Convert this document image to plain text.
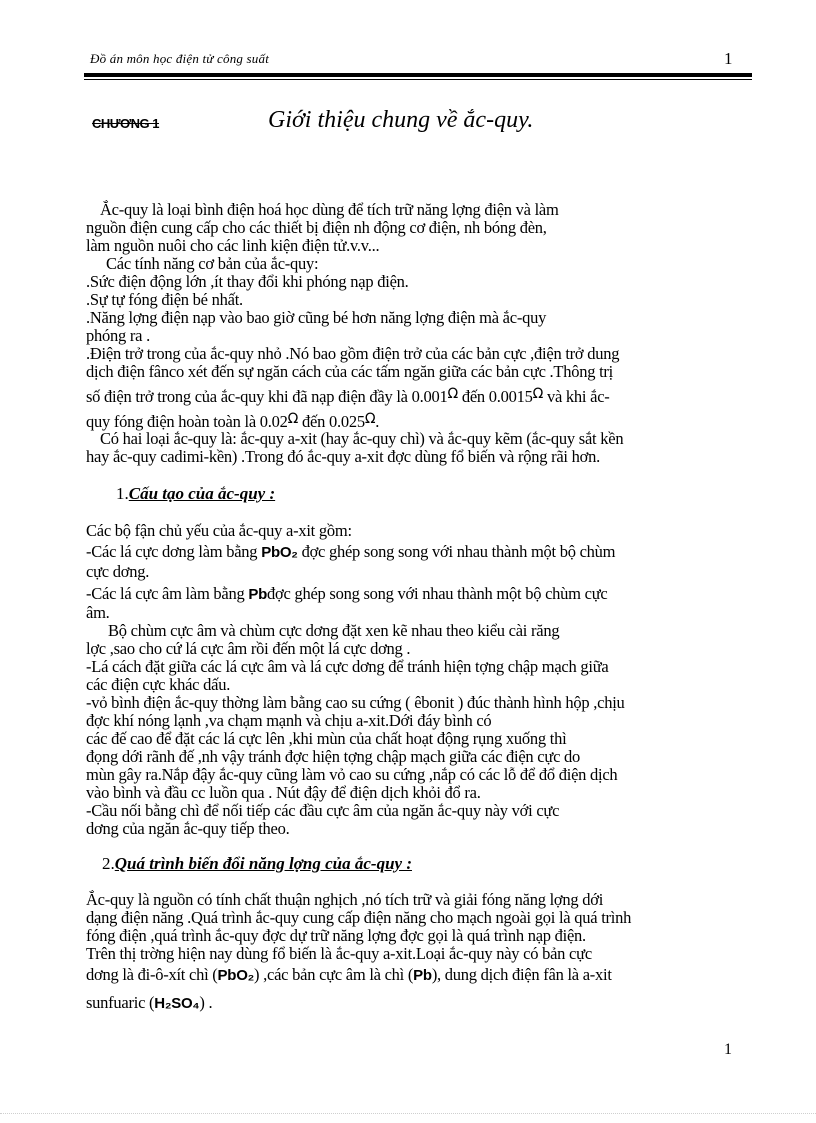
Đồ án môn học điện tử công suất	1
CHƯƠNG 1	Giới thiệu chung về ắc-quy.
Ắc-quy là loại bình điện hoá học dùng để tích trữ năng lợng điện và làm
nguồn điện cung cấp cho các thiết bị điện nh động cơ điện, nh bóng đèn,
làm nguồn nuôi cho các linh kiện điện tử.v.v...
Các tính năng cơ bản của ắc-quy:
.Sức điện động lớn ,ít thay đổi khi phóng nạp điện.
.Sự tự fóng điện bé nhất.
.Năng lợng điện nạp vào bao giờ cũng bé hơn năng lợng điện mà ắc-quy
phóng ra .
.Điện trở trong của ắc-quy nhỏ .Nó bao gồm điện trở của các bản cực ,điện trở dung
dịch điện fânco xét đến sự ngăn cách của các tấm ngăn giữa các bản cực .Thông trị
số điện trở trong của ắc-quy khi đã nạp điện đầy là $0.001^\Omega$ đến $0.0015^\Omega$ và khi ắc-
quy fóng điện hoàn toàn là $0.02^\Omega$ đến $0.025^\Omega$.
Có hai loại ắc-quy là: ắc-quy a-xit (hay ắc-quy chì) và ắc-quy kẽm (ắc-quy sắt kền
hay ắc-quy cadimi-kền) .Trong đó ắc-quy a-xit đợc dùng fổ biến và rộng rãi hơn.
1.Cấu tạo của ắc-quy :
Các bộ fận chủ yếu của ắc-quy a-xit gồm:
-Các lá cực dơng làm bằng PbO₂ đợc ghép song song với nhau thành một bộ chùm
cực dơng.
-Các lá cực âm làm bằng Pbđợc ghép song song với nhau thành một bộ chùm cực
âm.
Bộ chùm cực âm và chùm cực dơng đặt xen kẽ nhau theo kiểu cài răng
lợc ,sao cho cứ lá cực âm rồi đến một lá cực dơng .
-Lá cách đặt giữa các lá cực âm và lá cực dơng để tránh hiện tợng chập mạch giữa
các điện cực khác dấu.
-vỏ bình điện ắc-quy thờng làm bằng cao su cứng ( êbonit ) đúc thành hình hộp ,chịu
đợc khí nóng lạnh ,va chạm mạnh và chịu a-xit.Dới đáy bình có
các đế cao để đặt các lá cực lên ,khi mùn của chất hoạt động rụng xuống thì
đọng dới rãnh đế ,nh vậy tránh đợc hiện tợng chập mạch giữa các điện cực do
mùn gây ra.Nắp đậy ắc-quy cũng làm vỏ cao su cứng ,nắp có các lỗ để đổ điện dịch
vào bình và đầu cc luồn qua . Nút đậy để điện dịch khỏi đổ ra.
-Cầu nối bằng chì để nối tiếp các đầu cực âm của ngăn ắc-quy này với cực
dơng của ngăn ắc-quy tiếp theo.
2.Quá trình biến đổi năng lợng của ắc-quy :
Ắc-quy là nguồn có tính chất thuận nghịch ,nó tích trữ và giải fóng năng lợng dới
dạng điện năng .Quá trình ắc-quy cung cấp điện năng cho mạch ngoài gọi là quá trình
fóng điện ,quá trình ắc-quy đợc dự trữ năng lợng đợc gọi là quá trình nạp điện.
Trên thị trờng hiện nay dùng fổ biến là ắc-quy a-xit.Loại ắc-quy này có bản cực
dơng là đi-ô-xít chì (PbO₂) ,các bản cực âm là chì (Pb), dung dịch điện fân là a-xit
sunfuaric (H₂SO₄) .
1
